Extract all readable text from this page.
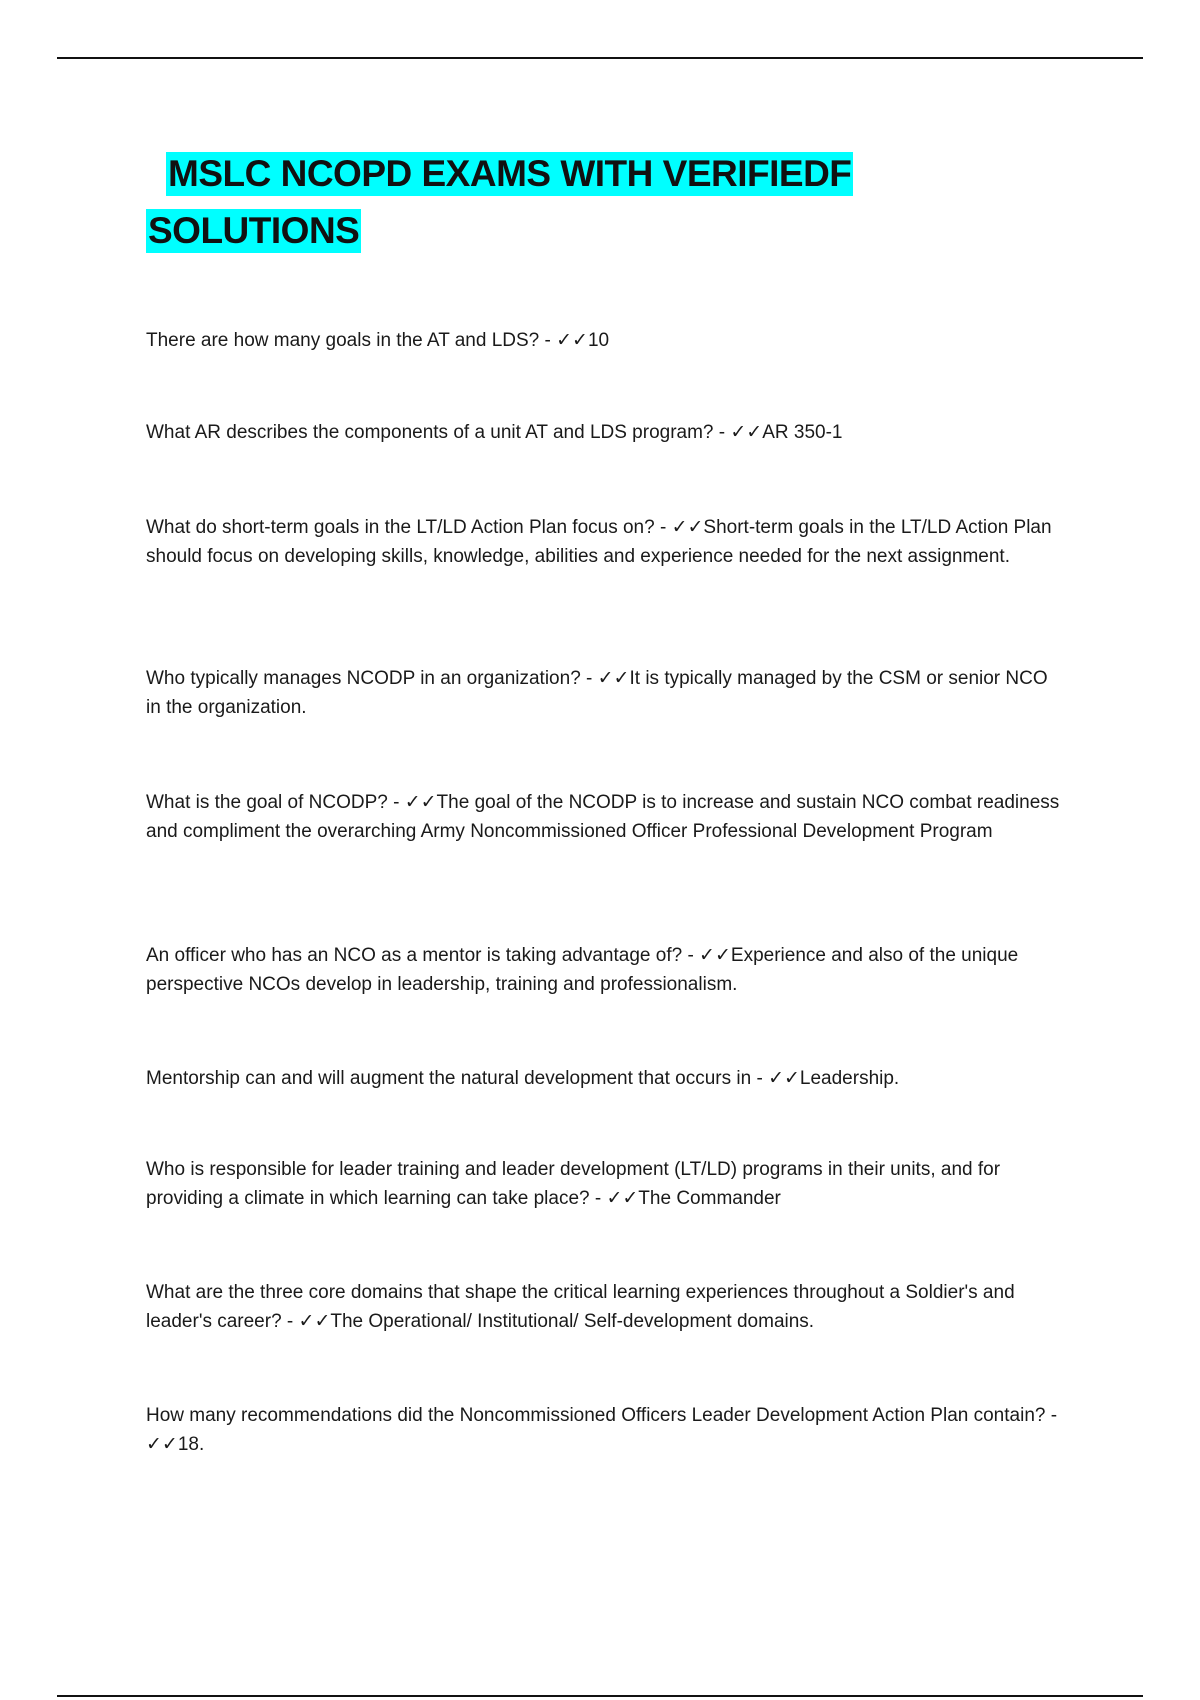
MSLC NCOPD EXAMS WITH VERIFIEDF
SOLUTIONS

There are how many goals in the AT and LDS? - ✓✓10

What AR describes the components of a unit AT and LDS program? - ✓✓AR 350-1

What do short-term goals in the LT/LD Action Plan focus on? - ✓✓Short-term goals in the LT/LD Action Plan should focus on developing skills, knowledge, abilities and experience needed for the next assignment.

Who typically manages NCODP in an organization? - ✓✓It is typically managed by the CSM or senior NCO in the organization.

What is the goal of NCODP? - ✓✓The goal of the NCODP is to increase and sustain NCO combat readiness and compliment the overarching Army Noncommissioned Officer Professional Development Program

An officer who has an NCO as a mentor is taking advantage of? - ✓✓Experience and also of the unique perspective NCOs develop in leadership, training and professionalism.

Mentorship can and will augment the natural development that occurs in - ✓✓Leadership.

Who is responsible for leader training and leader development (LT/LD) programs in their units, and for providing a climate in which learning can take place? - ✓✓The Commander

What are the three core domains that shape the critical learning experiences throughout a Soldier's and leader's career? - ✓✓The Operational/ Institutional/ Self-development domains.

How many recommendations did the Noncommissioned Officers Leader Development Action Plan contain? - ✓✓18.
